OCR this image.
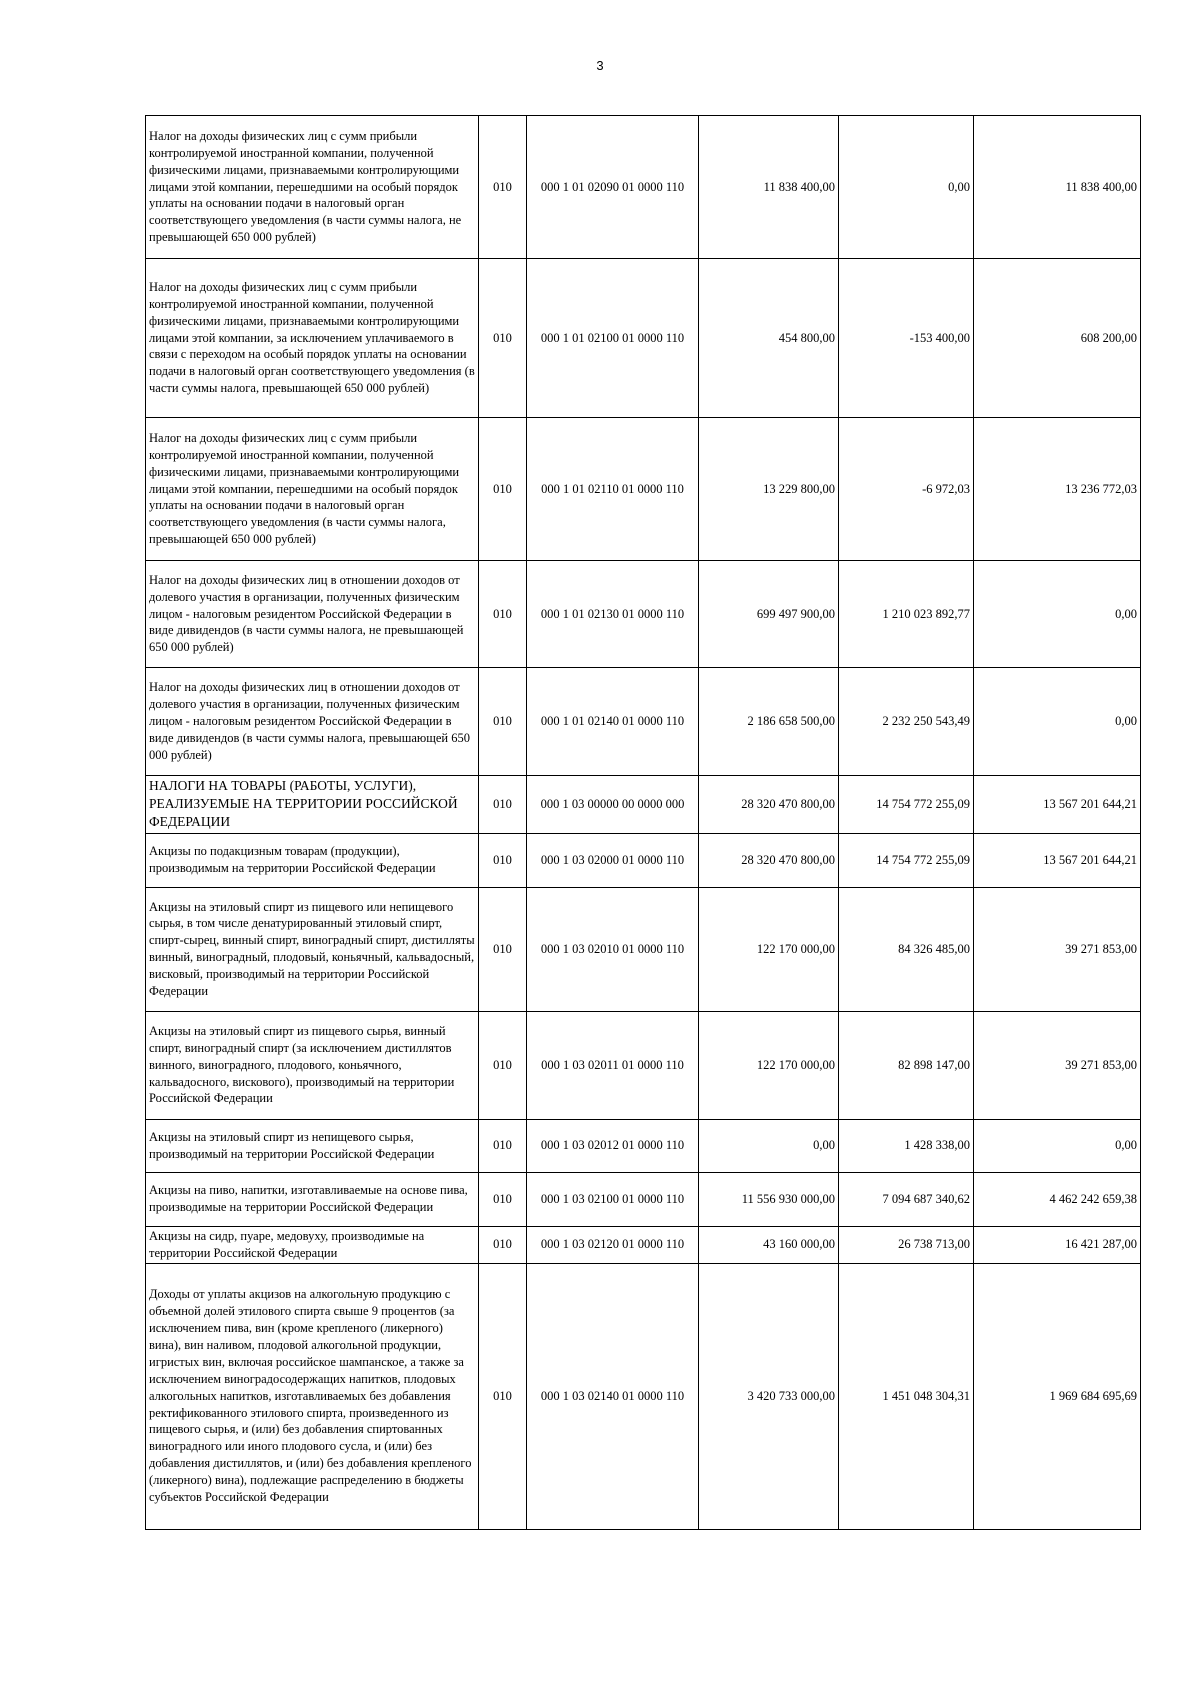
3
Налог на доходы физических лиц с сумм прибыли контролируемой иностранной компании, полученной физическими лицами, признаваемыми контролирующими лицами этой компании, перешедшими на особый порядок уплаты на основании подачи в налоговый орган соответствующего уведомления (в части суммы налога, не превышающей 650 000 рублей)	010	000 1 01 02090 01 0000 110	11 838 400,00	0,00	11 838 400,00
Налог на доходы физических лиц с сумм прибыли контролируемой иностранной компании, полученной физическими лицами, признаваемыми контролирующими лицами этой компании, за исключением уплачиваемого в связи с переходом на особый порядок уплаты на основании подачи в налоговый орган соответствующего уведомления (в части суммы налога, превышающей 650 000 рублей)	010	000 1 01 02100 01 0000 110	454 800,00	-153 400,00	608 200,00
Налог на доходы физических лиц с сумм прибыли контролируемой иностранной компании, полученной физическими лицами, признаваемыми контролирующими лицами этой компании, перешедшими на особый порядок уплаты на основании подачи в налоговый орган соответствующего уведомления (в части суммы налога, превышающей 650 000 рублей)	010	000 1 01 02110 01 0000 110	13 229 800,00	-6 972,03	13 236 772,03
Налог на доходы физических лиц в отношении доходов от долевого участия в организации, полученных физическим лицом - налоговым резидентом Российской Федерации в виде дивидендов (в части суммы налога, не превышающей 650 000 рублей)	010	000 1 01 02130 01 0000 110	699 497 900,00	1 210 023 892,77	0,00
Налог на доходы физических лиц в отношении доходов от долевого участия в организации, полученных физическим лицом - налоговым резидентом Российской Федерации в виде дивидендов (в части суммы налога, превышающей 650 000 рублей)	010	000 1 01 02140 01 0000 110	2 186 658 500,00	2 232 250 543,49	0,00
НАЛОГИ НА ТОВАРЫ (РАБОТЫ, УСЛУГИ), РЕАЛИЗУЕМЫЕ НА ТЕРРИТОРИИ РОССИЙСКОЙ ФЕДЕРАЦИИ	010	000 1 03 00000 00 0000 000	28 320 470 800,00	14 754 772 255,09	13 567 201 644,21
Акцизы по подакцизным товарам (продукции), производимым на территории Российской Федерации	010	000 1 03 02000 01 0000 110	28 320 470 800,00	14 754 772 255,09	13 567 201 644,21
Акцизы на этиловый спирт из пищевого или непищевого сырья, в том числе денатурированный этиловый спирт, спирт-сырец, винный спирт, виноградный спирт, дистилляты винный, виноградный, плодовый, коньячный, кальвадосный, висковый, производимый на территории Российской Федерации	010	000 1 03 02010 01 0000 110	122 170 000,00	84 326 485,00	39 271 853,00
Акцизы на этиловый спирт из пищевого сырья, винный спирт, виноградный спирт (за исключением дистиллятов винного, виноградного, плодового, коньячного, кальвадосного, вискового), производимый на территории Российской Федерации	010	000 1 03 02011 01 0000 110	122 170 000,00	82 898 147,00	39 271 853,00
Акцизы на этиловый спирт из непищевого сырья, производимый на территории Российской Федерации	010	000 1 03 02012 01 0000 110	0,00	1 428 338,00	0,00
Акцизы на пиво, напитки, изготавливаемые на основе пива, производимые на территории Российской Федерации	010	000 1 03 02100 01 0000 110	11 556 930 000,00	7 094 687 340,62	4 462 242 659,38
Акцизы на сидр, пуаре, медовуху, производимые на территории Российской Федерации	010	000 1 03 02120 01 0000 110	43 160 000,00	26 738 713,00	16 421 287,00
Доходы от уплаты акцизов на алкогольную продукцию с объемной долей этилового спирта свыше 9 процентов (за исключением пива, вин (кроме крепленого (ликерного) вина), вин наливом, плодовой алкогольной продукции, игристых вин, включая российское шампанское, а также за исключением виноградосодержащих напитков, плодовых алкогольных напитков, изготавливаемых без добавления ректификованного этилового спирта, произведенного из пищевого сырья, и (или) без добавления спиртованных виноградного или иного плодового сусла, и (или) без добавления дистиллятов, и (или) без добавления крепленого (ликерного) вина), подлежащие распределению в бюджеты субъектов Российской Федерации	010	000 1 03 02140 01 0000 110	3 420 733 000,00	1 451 048 304,31	1 969 684 695,69
